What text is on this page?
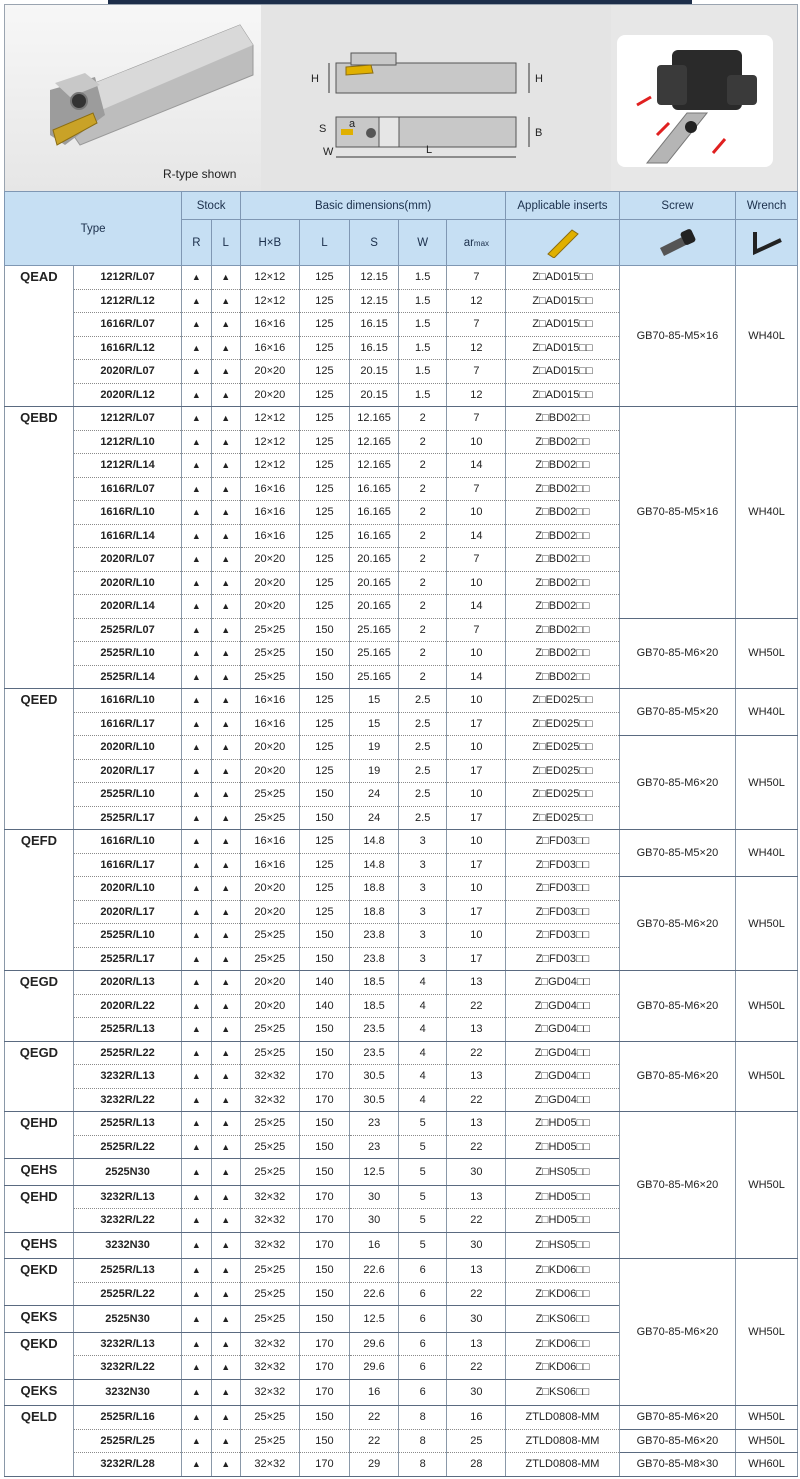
R-type shown
H	H
B
S a
W	L
Type		Stock		Basic dimensions(mm)					Applicable inserts	Screw	Wrench
		R	L	H×B	L	S	W	armax			
QEAD	1212R/L07	▲	▲	12×12	125	12.15	1.5	7	Z□AD015□□	GB70-85-M5×16	WH40L
	1212R/L12	▲	▲	12×12	125	12.15	1.5	12	Z□AD015□□		
	1616R/L07	▲	▲	16×16	125	16.15	1.5	7	Z□AD015□□		
	1616R/L12	▲	▲	16×16	125	16.15	1.5	12	Z□AD015□□		
	2020R/L07	▲	▲	20×20	125	20.15	1.5	7	Z□AD015□□		
	2020R/L12	▲	▲	20×20	125	20.15	1.5	12	Z□AD015□□		
QEBD	1212R/L07	▲	▲	12×12	125	12.165	2	7	Z□BD02□□	GB70-85-M5×16	WH40L
	1212R/L10	▲	▲	12×12	125	12.165	2	10	Z□BD02□□		
	1212R/L14	▲	▲	12×12	125	12.165	2	14	Z□BD02□□		
	1616R/L07	▲	▲	16×16	125	16.165	2	7	Z□BD02□□		
	1616R/L10	▲	▲	16×16	125	16.165	2	10	Z□BD02□□		
	1616R/L14	▲	▲	16×16	125	16.165	2	14	Z□BD02□□		
	2020R/L07	▲	▲	20×20	125	20.165	2	7	Z□BD02□□		
	2020R/L10	▲	▲	20×20	125	20.165	2	10	Z□BD02□□		
	2020R/L14	▲	▲	20×20	125	20.165	2	14	Z□BD02□□		
	2525R/L07	▲	▲	25×25	150	25.165	2	7	Z□BD02□□	GB70-85-M6×20	WH50L
	2525R/L10	▲	▲	25×25	150	25.165	2	10	Z□BD02□□		
	2525R/L14	▲	▲	25×25	150	25.165	2	14	Z□BD02□□		
QEED	1616R/L10	▲	▲	16×16	125	15	2.5	10	Z□ED025□□	GB70-85-M5×20	WH40L
	1616R/L17	▲	▲	16×16	125	15	2.5	17	Z□ED025□□		
	2020R/L10	▲	▲	20×20	125	19	2.5	10	Z□ED025□□	GB70-85-M6×20	WH50L
	2020R/L17	▲	▲	20×20	125	19	2.5	17	Z□ED025□□		
	2525R/L10	▲	▲	25×25	150	24	2.5	10	Z□ED025□□		
	2525R/L17	▲	▲	25×25	150	24	2.5	17	Z□ED025□□		
QEFD	1616R/L10	▲	▲	16×16	125	14.8	3	10	Z□FD03□□	GB70-85-M5×20	WH40L
	1616R/L17	▲	▲	16×16	125	14.8	3	17	Z□FD03□□		
	2020R/L10	▲	▲	20×20	125	18.8	3	10	Z□FD03□□	GB70-85-M6×20	WH50L
	2020R/L17	▲	▲	20×20	125	18.8	3	17	Z□FD03□□		
	2525R/L10	▲	▲	25×25	150	23.8	3	10	Z□FD03□□		
	2525R/L17	▲	▲	25×25	150	23.8	3	17	Z□FD03□□		
QEGD	2020R/L13	▲	▲	20×20	140	18.5	4	13	Z□GD04□□	GB70-85-M6×20	WH50L
	2020R/L22	▲	▲	20×20	140	18.5	4	22	Z□GD04□□		
	2525R/L13	▲	▲	25×25	150	23.5	4	13	Z□GD04□□		
QEGD	2525R/L22	▲	▲	25×25	150	23.5	4	22	Z□GD04□□	GB70-85-M6×20	WH50L
	3232R/L13	▲	▲	32×32	170	30.5	4	13	Z□GD04□□		
	3232R/L22	▲	▲	32×32	170	30.5	4	22	Z□GD04□□		
QEHD	2525R/L13	▲	▲	25×25	150	23	5	13	Z□HD05□□	GB70-85-M6×20	WH50L
	2525R/L22	▲	▲	25×25	150	23	5	22	Z□HD05□□		
QEHS	2525N30	▲	▲	25×25	150	12.5	5	30	Z□HS05□□		
QEHD	3232R/L13	▲	▲	32×32	170	30	5	13	Z□HD05□□		
	3232R/L22	▲	▲	32×32	170	30	5	22	Z□HD05□□		
QEHS	3232N30	▲	▲	32×32	170	16	5	30	Z□HS05□□		
QEKD	2525R/L13	▲	▲	25×25	150	22.6	6	13	Z□KD06□□	GB70-85-M6×20	WH50L
	2525R/L22	▲	▲	25×25	150	22.6	6	22	Z□KD06□□		
QEKS	2525N30	▲	▲	25×25	150	12.5	6	30	Z□KS06□□		
QEKD	3232R/L13	▲	▲	32×32	170	29.6	6	13	Z□KD06□□		
	3232R/L22	▲	▲	32×32	170	29.6	6	22	Z□KD06□□		
QEKS	3232N30	▲	▲	32×32	170	16	6	30	Z□KS06□□		
QELD	2525R/L16	▲	▲	25×25	150	22	8	16	ZTLD0808-MM	GB70-85-M6×20	WH50L
	2525R/L25	▲	▲	25×25	150	22	8	25	ZTLD0808-MM	GB70-85-M6×20	WH50L
	3232R/L28	▲	▲	32×32	170	29	8	28	ZTLD0808-MM	GB70-85-M8×30	WH60L
